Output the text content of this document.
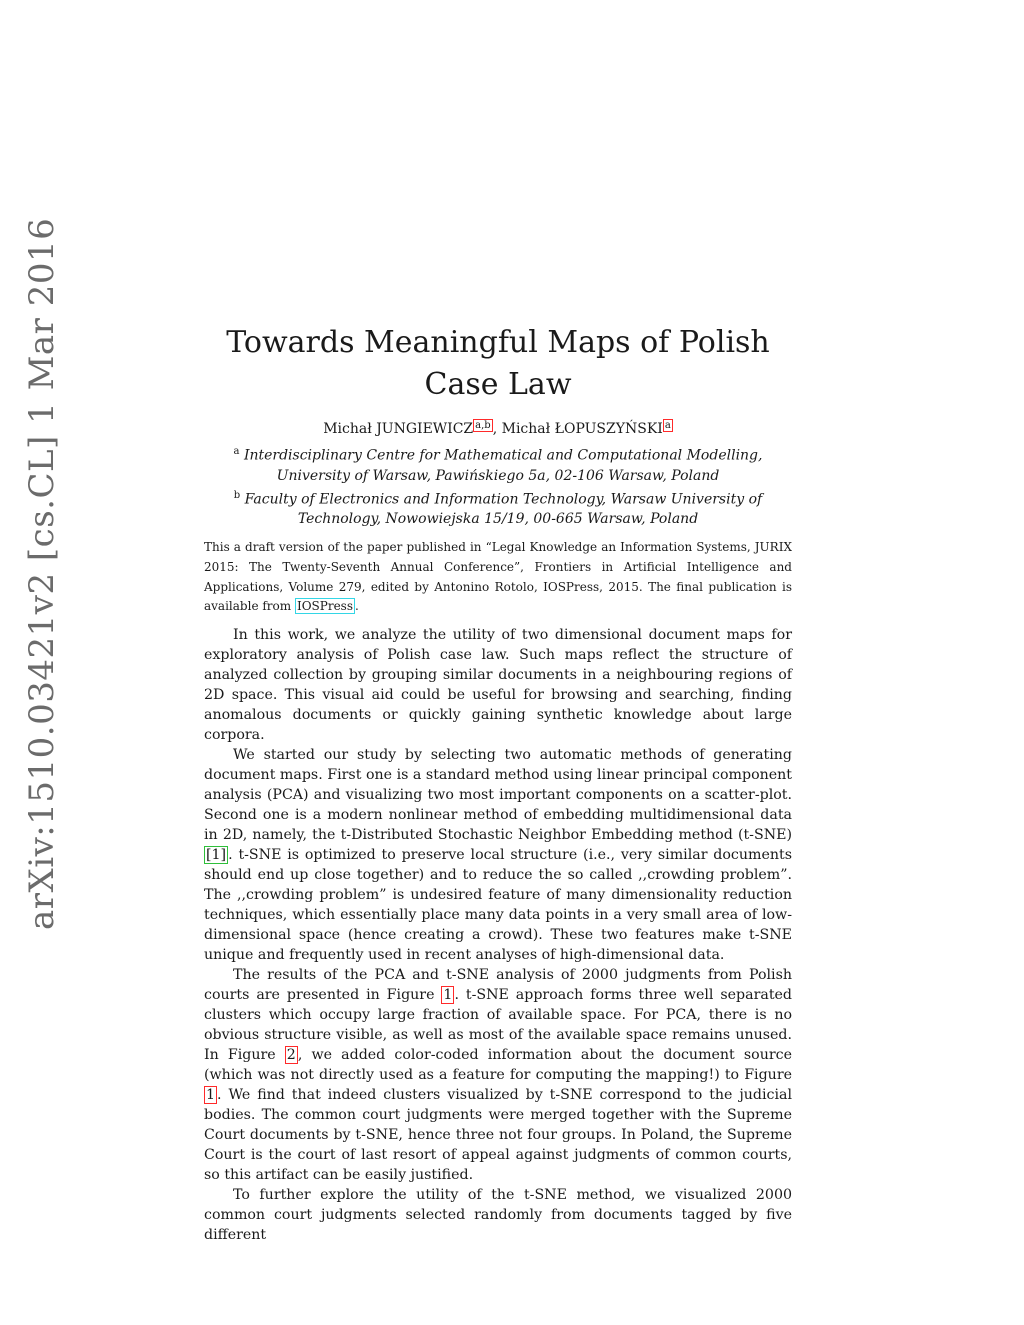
arXiv:1510.03421v2 [cs.CL] 1 Mar 2016	Towards Meaningful Maps of Polish
Case Law
Michał JUNGIEWICZ a,b , Michał ŁOPUSZYŃSKI a
$^a$ Interdisciplinary Centre for Mathematical and Computational Modelling,
University of Warsaw, Pawińskiego 5a, 02-106 Warsaw, Poland
$^b$ Faculty of Electronics and Information Technology, Warsaw University of
Technology, Nowowiejska 15/19, 00-665 Warsaw, Poland
This a draft version of the paper published in “Legal Knowledge an Information Systems, JURIX 2015: The Twenty-Seventh Annual Conference”, Frontiers in Artificial Intelligence and Applications, Volume 279, edited by Antonino Rotolo, IOSPress, 2015. The final publication is available from IOSPress .

In this work, we analyze the utility of two dimensional document maps for exploratory analysis of Polish case law. Such maps reflect the structure of analyzed collection by grouping similar documents in a neighbouring regions of 2D space. This visual aid could be useful for browsing and searching, finding anomalous documents or quickly gaining synthetic knowledge about large corpora.

We started our study by selecting two automatic methods of generating document maps. First one is a standard method using linear principal component analysis (PCA) and visualizing two most important components on a scatter-plot. Second one is a modern nonlinear method of embedding multidimensional data in 2D, namely, the t-Distributed Stochastic Neighbor Embedding method (t-SNE) [1] . t-SNE is optimized to preserve local structure (i.e., very similar documents should end up close together) and to reduce the so called ,,crowding problem”. The ,,crowding problem” is undesired feature of many dimensionality reduction techniques, which essentially place many data points in a very small area of low-dimensional space (hence creating a crowd). These two features make t-SNE unique and frequently used in recent analyses of high-dimensional data.

The results of the PCA and t-SNE analysis of 2000 judgments from Polish courts are presented in Figure 1 . t-SNE approach forms three well separated clusters which occupy large fraction of available space. For PCA, there is no obvious structure visible, as well as most of the available space remains unused. In Figure 2 , we added color-coded information about the document source (which was not directly used as a feature for computing the mapping!) to Figure 1 . We find that indeed clusters visualized by t-SNE correspond to the judicial bodies. The common court judgments were merged together with the Supreme Court documents by t-SNE, hence three not four groups. In Poland, the Supreme Court is the court of last resort of appeal against judgments of common courts, so this artifact can be easily justified.

To further explore the utility of the t-SNE method, we visualized 2000 common court judgments selected randomly from documents tagged by five different
